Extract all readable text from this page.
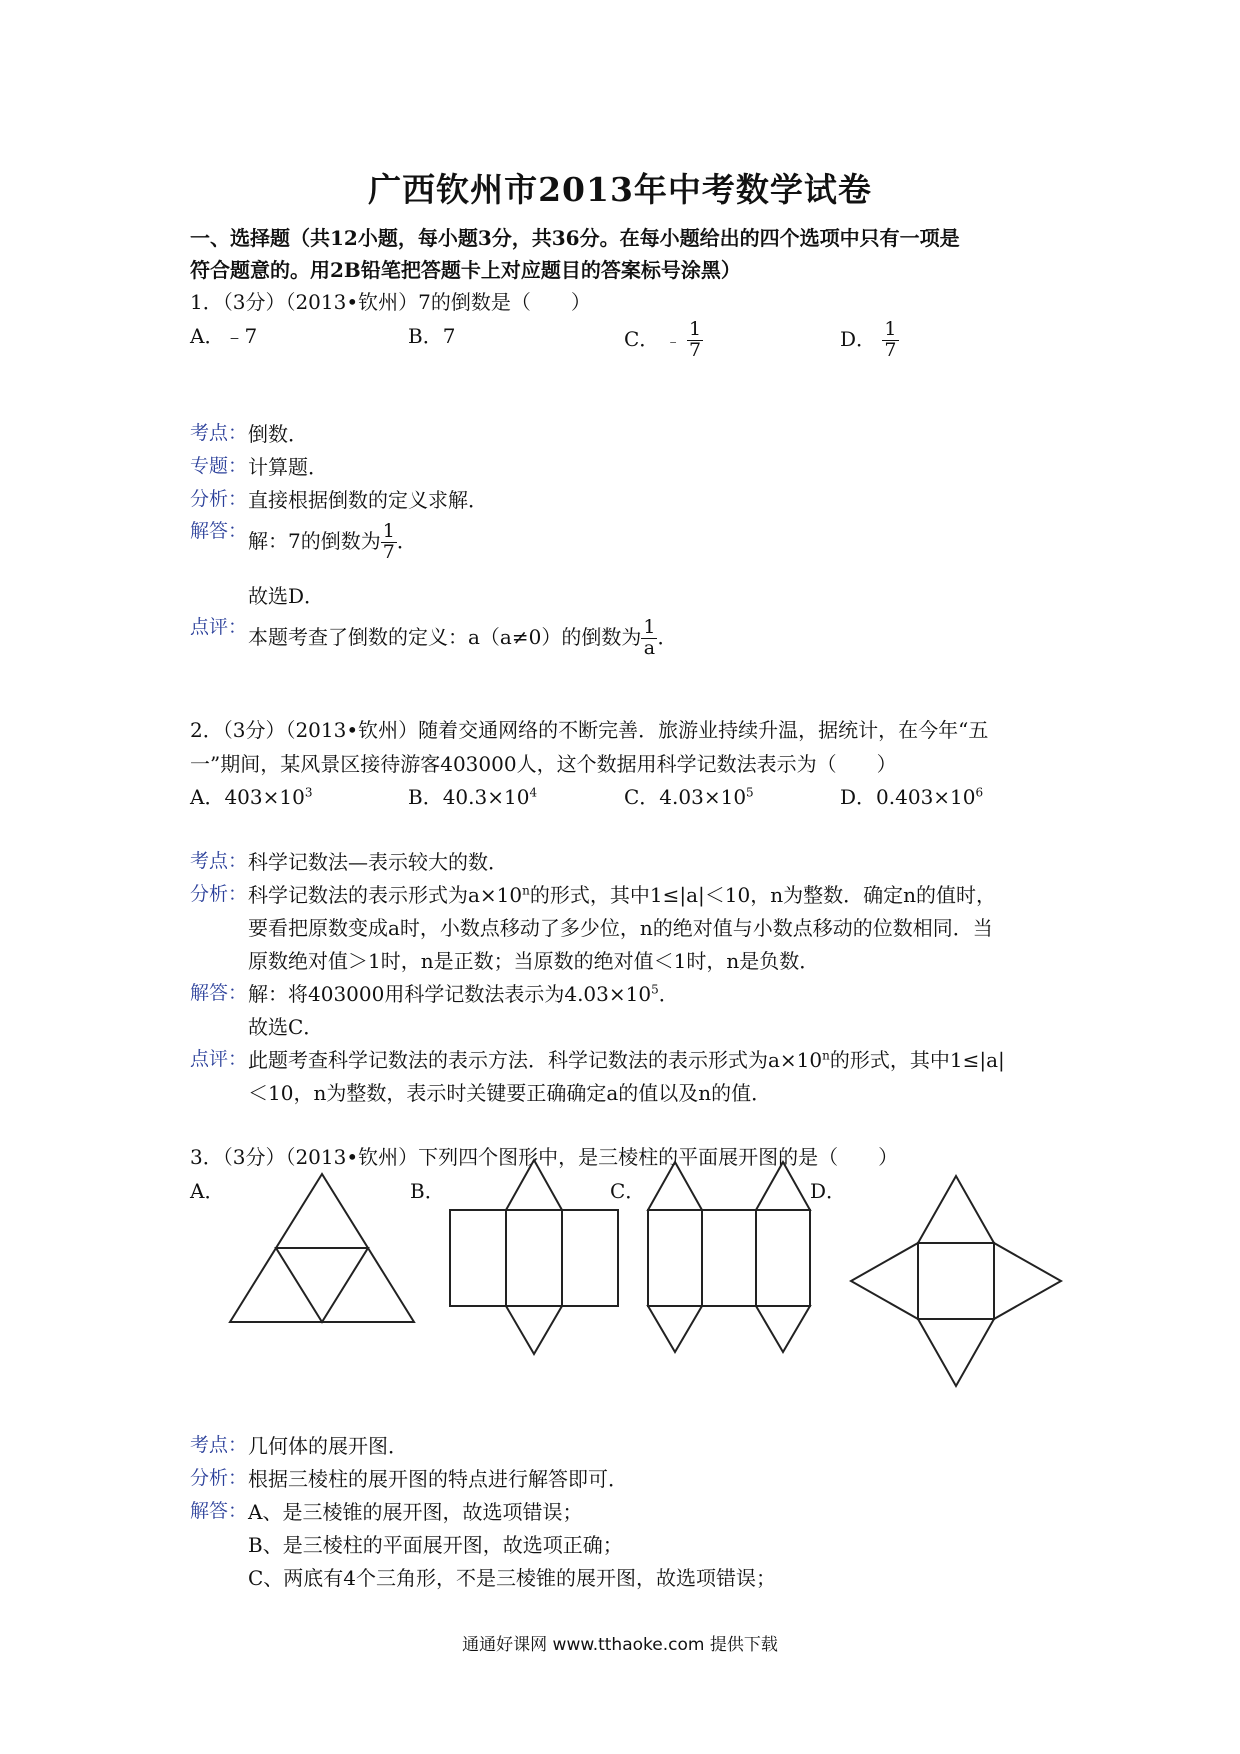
广西钦州市2013年中考数学试卷
一、选择题（共12小题，每小题3分，共36分。在每小题给出的四个选项中只有一项是
符合题意的。用2B铅笔把答题卡上对应题目的答案标号涂黑）
1．（3分）（2013•钦州）7的倒数是（　　）
A．﹣7	B．7	C． ﹣ $\frac{1}{7}$	D． $\frac{1}{7}$
考点： 倒数．
专题： 计算题．
分析： 直接根据倒数的定义求解．
解答： 解：7的倒数为 $\frac{1}{7}$ ．
故选D．
点评： 本题考查了倒数的定义：a（a≠0）的倒数为 $\frac{1}{a}$ ．
2．（3分）（2013•钦州）随着交通网络的不断完善．旅游业持续升温，据统计，在今年“五
一”期间，某风景区接待游客403000人，这个数据用科学记数法表示为（　　）
A．$403\times 10^3$	B．$40.3\times 10^4$	C．$4.03\times 10^5$	D．$0.403\times 10^6$
考点： 科学记数法—表示较大的数．
分析： 科学记数法的表示形式为$a\times 10^n$的形式，其中1≤|a|＜10，n为整数．确定n的值时，
要看把原数变成a时，小数点移动了多少位，n的绝对值与小数点移动的位数相同．当
原数绝对值＞1时，n是正数；当原数的绝对值＜1时，n是负数．
解答： 解：将403000用科学记数法表示为$4.03\times 10^5$．
故选C．
点评： 此题考查科学记数法的表示方法．科学记数法的表示形式为$a\times 10^n$的形式，其中1≤|a|
＜10，n为整数，表示时关键要正确确定a的值以及n的值．
3．（3分）（2013•钦州）下列四个图形中，是三棱柱的平面展开图的是（　　）
A．	B．	C．	D．
考点： 几何体的展开图．
分析： 根据三棱柱的展开图的特点进行解答即可．
解答： A、是三棱锥的展开图，故选项错误；
B、是三棱柱的平面展开图，故选项正确；
C、两底有4个三角形，不是三棱锥的展开图，故选项错误；
通通好课网 www.tthaoke.com 提供下载
